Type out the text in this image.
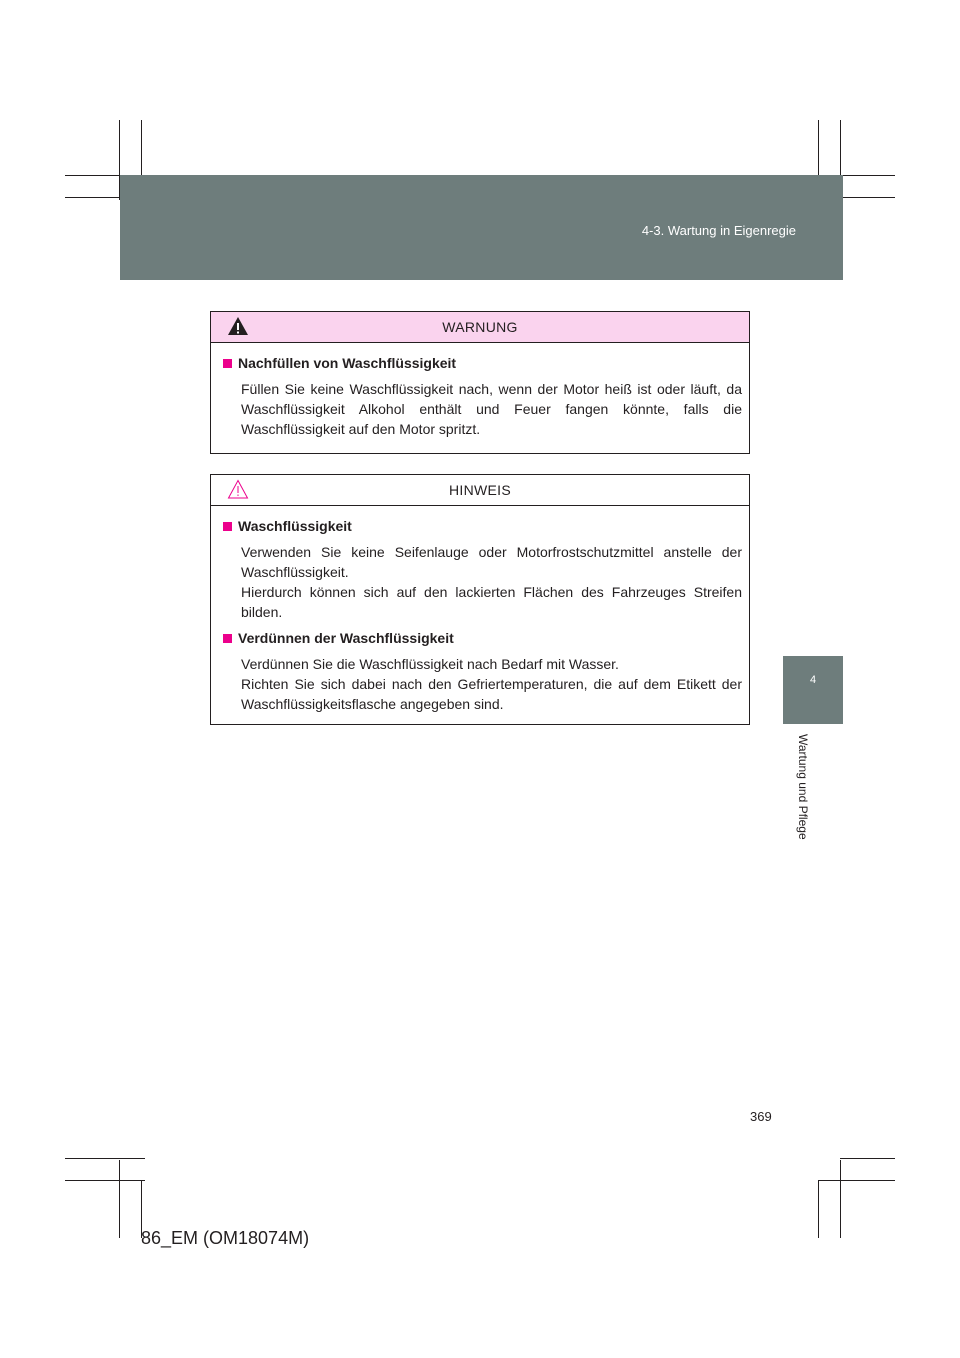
4-3. Wartung in Eigenregie
4
Wartung und Pflege
WARNUNG
Nachfüllen von Waschflüssigkeit
Füllen Sie keine Waschflüssigkeit nach, wenn der Motor heiß ist oder läuft, da Waschflüssigkeit Alkohol enthält und Feuer fangen könnte, falls die Waschflüssigkeit auf den Motor spritzt.
HINWEIS
Waschflüssigkeit
Verwenden Sie keine Seifenlauge oder Motorfrostschutzmittel anstelle der Waschflüssigkeit.
Hierdurch können sich auf den lackierten Flächen des Fahrzeuges Streifen bilden.
Verdünnen der Waschflüssigkeit
Verdünnen Sie die Waschflüssigkeit nach Bedarf mit Wasser.
Richten Sie sich dabei nach den Gefriertemperaturen, die auf dem Etikett der Waschflüssigkeitsflasche angegeben sind.
369
86_EM (OM18074M)
